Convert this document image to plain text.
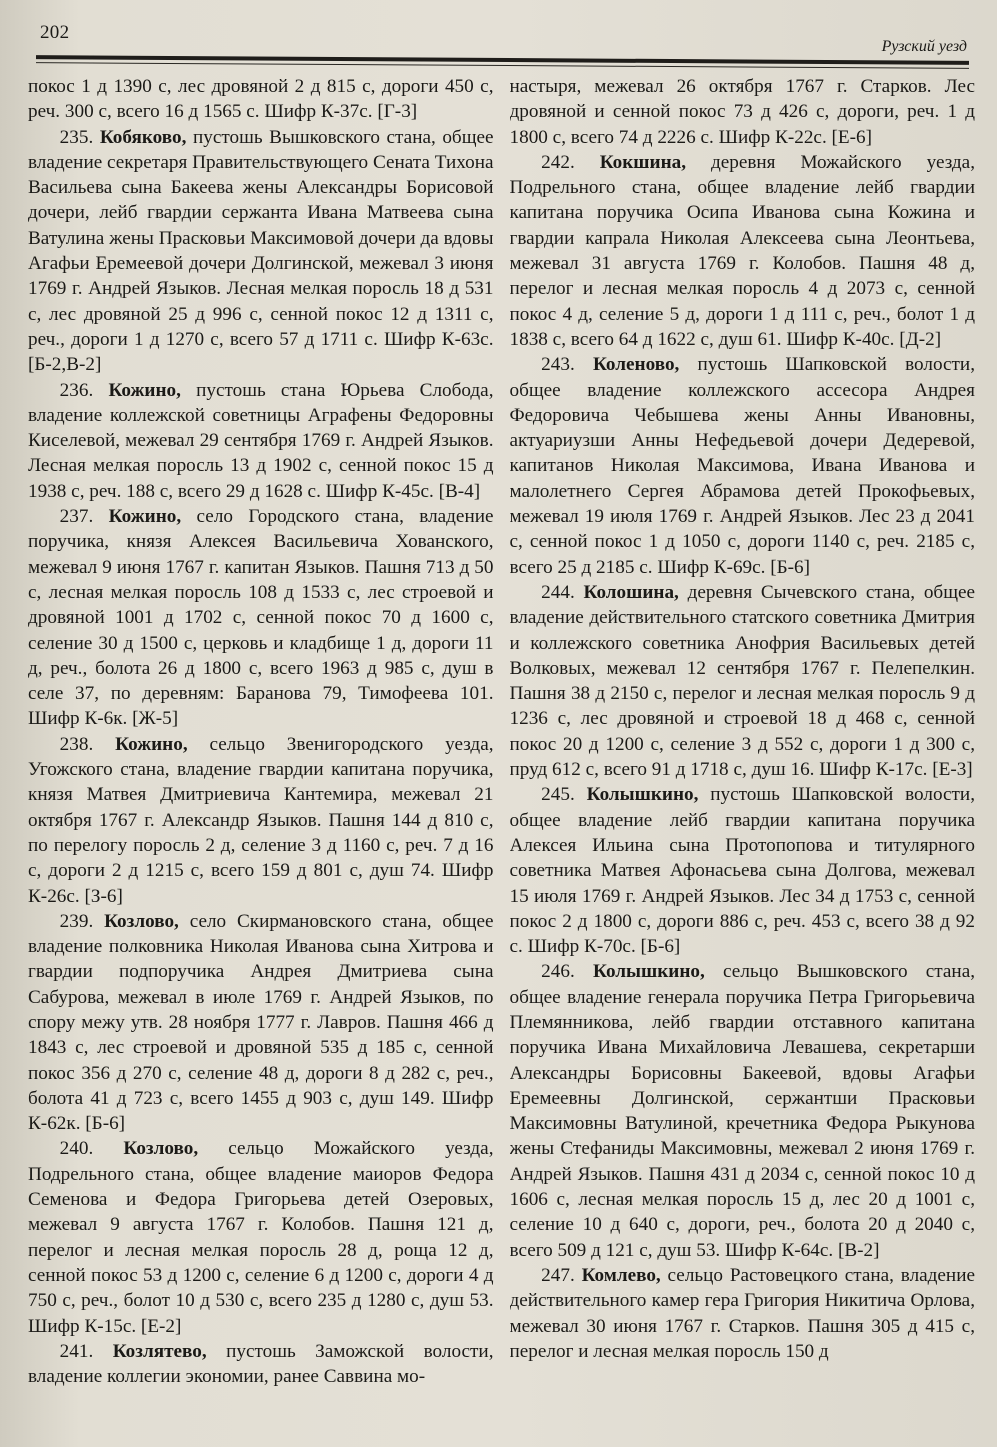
202
Рузский уезд

покос 1 д 1390 с, лес дровяной 2 д 815 с, дороги 450 с, реч. 300 с, всего 16 д 1565 с. Шифр К-37с. [Г-3]

235. Кобяково, пустошь Вышковского стана, общее владение секретаря Правительствующего Сената Тихона Васильева сына Бакеева жены Александры Борисовой дочери, лейб гвардии сержанта Ивана Матвеева сына Ватулина жены Прасковьи Максимовой дочери да вдовы Агафьи Еремеевой дочери Долгинской, межевал 3 июня 1769 г. Андрей Языков. Лесная мелкая поросль 18 д 531 с, лес дровяной 25 д 996 с, сенной покос 12 д 1311 с, реч., дороги 1 д 1270 с, всего 57 д 1711 с. Шифр К-63с. [Б-2,В-2]

236. Кожино, пустошь стана Юрьева Слобода, владение коллежской советницы Аграфены Федоровны Киселевой, межевал 29 сентября 1769 г. Андрей Языков. Лесная мелкая поросль 13 д 1902 с, сенной покос 15 д 1938 с, реч. 188 с, всего 29 д 1628 с. Шифр К-45с. [В-4]

237. Кожино, село Городского стана, владение поручика, князя Алексея Васильевича Хованского, межевал 9 июня 1767 г. капитан Языков. Пашня 713 д 50 с, лесная мелкая поросль 108 д 1533 с, лес строевой и дровяной 1001 д 1702 с, сенной покос 70 д 1600 с, селение 30 д 1500 с, церковь и кладбище 1 д, дороги 11 д, реч., болота 26 д 1800 с, всего 1963 д 985 с, душ в селе 37, по деревням: Баранова 79, Тимофеева 101. Шифр К-6к. [Ж-5]

238. Кожино, сельцо Звенигородского уезда, Угожского стана, владение гвардии капитана поручика, князя Матвея Дмитриевича Кантемира, межевал 21 октября 1767 г. Александр Языков. Пашня 144 д 810 с, по перелогу поросль 2 д, селение 3 д 1160 с, реч. 7 д 16 с, дороги 2 д 1215 с, всего 159 д 801 с, душ 74. Шифр К-26с. [З-6]

239. Козлово, село Скирмановского стана, общее владение полковника Николая Иванова сына Хитрова и гвардии подпоручика Андрея Дмитриева сына Сабурова, межевал в июле 1769 г. Андрей Языков, по спору межу утв. 28 ноября 1777 г. Лавров. Пашня 466 д 1843 с, лес строевой и дровяной 535 д 185 с, сенной покос 356 д 270 с, селение 48 д, дороги 8 д 282 с, реч., болота 41 д 723 с, всего 1455 д 903 с, душ 149. Шифр К-62к. [Б-6]

240. Козлово, сельцо Можайского уезда, Подрельного стана, общее владение маиоров Федора Семенова и Федора Григорьева детей Озеровых, межевал 9 августа 1767 г. Колобов. Пашня 121 д, перелог и лесная мелкая поросль 28 д, роща 12 д, сенной покос 53 д 1200 с, селение 6 д 1200 с, дороги 4 д 750 с, реч., болот 10 д 530 с, всего 235 д 1280 с, душ 53. Шифр К-15с. [Е-2]

241. Козлятево, пустошь Заможской волости, владение коллегии экономии, ранее Саввина мо-

настыря, межевал 26 октября 1767 г. Старков. Лес дровяной и сенной покос 73 д 426 с, дороги, реч. 1 д 1800 с, всего 74 д 2226 с. Шифр К-22с. [Е-6]

242. Кокшина, деревня Можайского уезда, Подрельного стана, общее владение лейб гвардии капитана поручика Осипа Иванова сына Кожина и гвардии капрала Николая Алексеева сына Леонтьева, межевал 31 августа 1769 г. Колобов. Пашня 48 д, перелог и лесная мелкая поросль 4 д 2073 с, сенной покос 4 д, селение 5 д, дороги 1 д 111 с, реч., болот 1 д 1838 с, всего 64 д 1622 с, душ 61. Шифр К-40с. [Д-2]

243. Коленово, пустошь Шапковской волости, общее владение коллежского ассесора Андрея Федоровича Чебышева жены Анны Ивановны, актуариузши Анны Нефедьевой дочери Дедеревой, капитанов Николая Максимова, Ивана Иванова и малолетнего Сергея Абрамова детей Прокофьевых, межевал 19 июля 1769 г. Андрей Языков. Лес 23 д 2041 с, сенной покос 1 д 1050 с, дороги 1140 с, реч. 2185 с, всего 25 д 2185 с. Шифр К-69с. [Б-6]

244. Колошина, деревня Сычевского стана, общее владение действительного статского советника Дмитрия и коллежского советника Анофрия Васильевых детей Волковых, межевал 12 сентября 1767 г. Пелепелкин. Пашня 38 д 2150 с, перелог и лесная мелкая поросль 9 д 1236 с, лес дровяной и строевой 18 д 468 с, сенной покос 20 д 1200 с, селение 3 д 552 с, дороги 1 д 300 с, пруд 612 с, всего 91 д 1718 с, душ 16. Шифр К-17с. [Е-3]

245. Колышкино, пустошь Шапковской волости, общее владение лейб гвардии капитана поручика Алексея Ильина сына Протопопова и титулярного советника Матвея Афонасьева сына Долгова, межевал 15 июля 1769 г. Андрей Языков. Лес 34 д 1753 с, сенной покос 2 д 1800 с, дороги 886 с, реч. 453 с, всего 38 д 92 с. Шифр К-70с. [Б-6]

246. Колышкино, сельцо Вышковского стана, общее владение генерала поручика Петра Григорьевича Племянникова, лейб гвардии отставного капитана поручика Ивана Михайловича Левашева, секретарши Александры Борисовны Бакеевой, вдовы Агафьи Еремеевны Долгинской, сержантши Прасковьи Максимовны Ватулиной, кречетника Федора Рыкунова жены Стефаниды Максимовны, межевал 2 июня 1769 г. Андрей Языков. Пашня 431 д 2034 с, сенной покос 10 д 1606 с, лесная мелкая поросль 15 д, лес 20 д 1001 с, селение 10 д 640 с, дороги, реч., болота 20 д 2040 с, всего 509 д 121 с, душ 53. Шифр К-64с. [В-2]

247. Комлево, сельцо Растовецкого стана, владение действительного камер гера Григория Никитича Орлова, межевал 30 июня 1767 г. Старков. Пашня 305 д 415 с, перелог и лесная мелкая поросль 150 д
